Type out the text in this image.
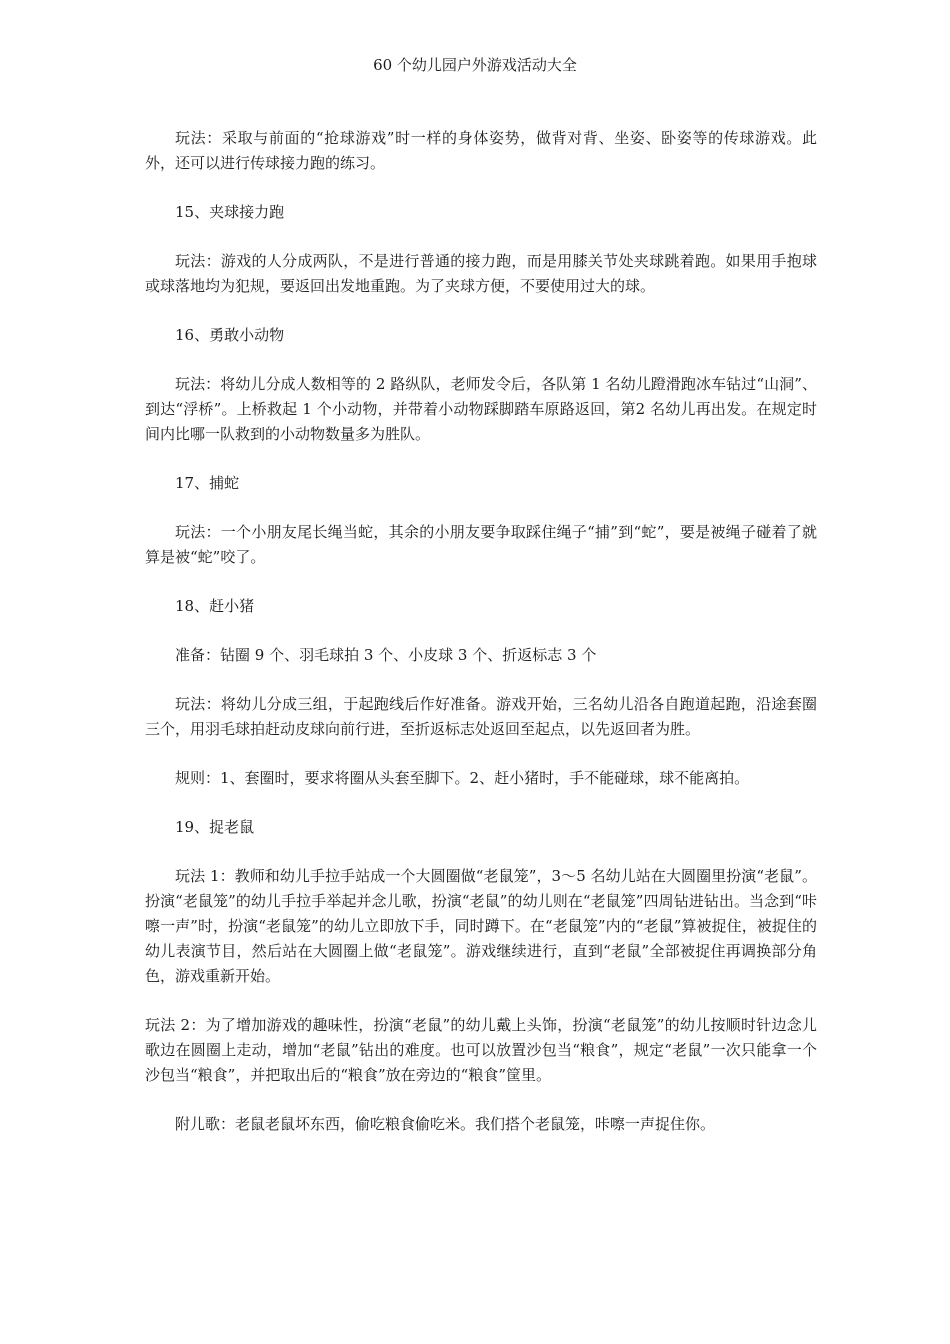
60 个幼儿园户外游戏活动大全

玩法：采取与前面的“抢球游戏”时一样的身体姿势，做背对背、坐姿、卧姿等的传球游戏。此外，还可以进行传球接力跑的练习。

15、夹球接力跑

玩法：游戏的人分成两队，不是进行普通的接力跑，而是用膝关节处夹球跳着跑。如果用手抱球或球落地均为犯规，要返回出发地重跑。为了夹球方便，不要使用过大的球。

16、勇敢小动物

玩法：将幼儿分成人数相等的 2 路纵队，老师发令后，各队第 1 名幼儿蹬滑跑冰车钻过“山洞”、到达“浮桥”。上桥救起 1 个小动物，并带着小动物踩脚踏车原路返回，第2 名幼儿再出发。在规定时间内比哪一队救到的小动物数量多为胜队。

17、捕蛇

玩法：一个小朋友尾长绳当蛇，其余的小朋友要争取踩住绳子“捕”到“蛇”，要是被绳子碰着了就算是被“蛇”咬了。

18、赶小猪

准备：钻圈 9 个、羽毛球拍 3 个、小皮球 3 个、折返标志 3 个

玩法：将幼儿分成三组，于起跑线后作好准备。游戏开始，三名幼儿沿各自跑道起跑，沿途套圈三个，用羽毛球拍赶动皮球向前行进，至折返标志处返回至起点，以先返回者为胜。

规则：1、套圈时，要求将圈从头套至脚下。2、赶小猪时，手不能碰球，球不能离拍。

19、捉老鼠

玩法 1：教师和幼儿手拉手站成一个大圆圈做“老鼠笼”，3～5 名幼儿站在大圆圈里扮演“老鼠”。扮演“老鼠笼”的幼儿手拉手举起并念儿歌，扮演“老鼠”的幼儿则在“老鼠笼”四周钻进钻出。当念到“咔嚓一声”时，扮演“老鼠笼”的幼儿立即放下手，同时蹲下。在“老鼠笼”内的“老鼠”算被捉住，被捉住的幼儿表演节目，然后站在大圆圈上做“老鼠笼”。游戏继续进行，直到“老鼠”全部被捉住再调换部分角色，游戏重新开始。

玩法 2：为了增加游戏的趣味性，扮演“老鼠”的幼儿戴上头饰，扮演“老鼠笼”的幼儿按顺时针边念儿歌边在圆圈上走动，增加“老鼠”钻出的难度。也可以放置沙包当“粮食”，规定“老鼠”一次只能拿一个沙包当“粮食”，并把取出后的“粮食”放在旁边的“粮食”筐里。

附儿歌：老鼠老鼠坏东西，偷吃粮食偷吃米。我们搭个老鼠笼，咔嚓一声捉住你。
